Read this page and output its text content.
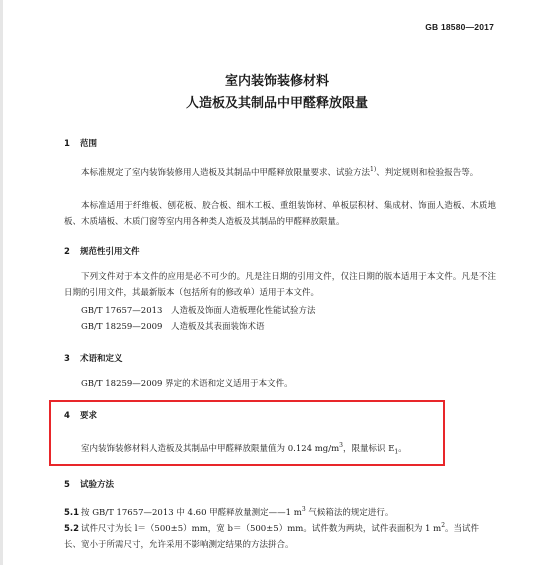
GB 18580—2017
室内装饰装修材料
人造板及其制品中甲醛释放限量
1 范围
本标准规定了室内装饰装修用人造板及其制品中甲醛释放限量要求、试验方法$^{1)}$、判定规则和检验报告等。
本标准适用于纤维板、刨花板、胶合板、细木工板、重组装饰材、单板层积材、集成材、饰面人造板、木质地板、木质墙板、木质门窗等室内用各种类人造板及其制品的甲醛释放限量。
2 规范性引用文件
下列文件对于本文件的应用是必不可少的。凡是注日期的引用文件，仅注日期的版本适用于本文件。凡是不注日期的引用文件，其最新版本（包括所有的修改单）适用于本文件。
GB/T 17657—2013 人造板及饰面人造板理化性能试验方法
GB/T 18259—2009 人造板及其表面装饰术语
3 术语和定义
GB/T 18259—2009 界定的术语和定义适用于本文件。
4 要求
室内装饰装修材料人造板及其制品中甲醛释放限量值为 0.124 $mg/m^3$，限量标识 $E_1$。
5 试验方法
5.1 按 GB/T 17657—2013 中 4.60 甲醛释放量测定——1 $m^3$ 气候箱法的规定进行。
5.2 试件尺寸为长 l＝（500±5）mm，宽 b＝（500±5）mm。试件数为两块，试件表面积为 1 $m^2$。当试件长、宽小于所需尺寸，允许采用不影响测定结果的方法拼合。
